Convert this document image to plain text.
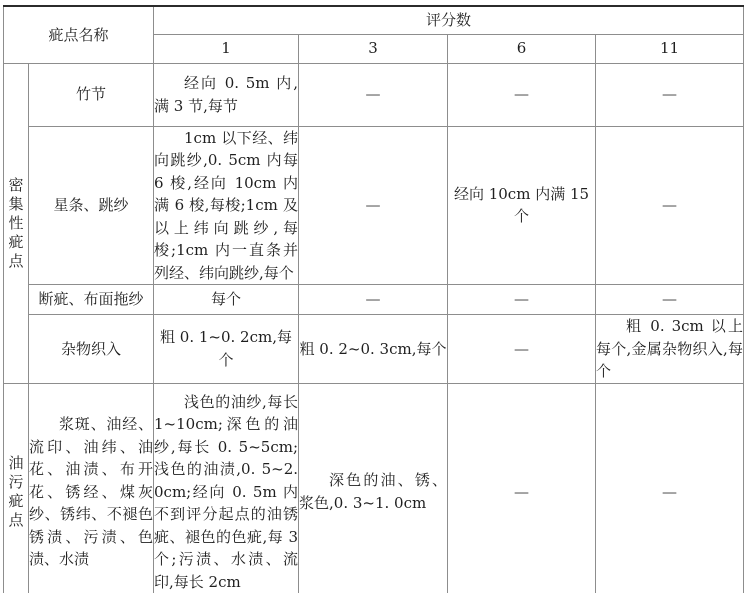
疵点名称		评分数			
		1	3	6	11

密集性疵点	竹节	经向 0. 5m 内,满 3 节,每节	—	—	—
	星条、跳纱	1cm 以下经、纬向跳纱,0. 5cm 内每 6 梭,经向 10cm 内满 6 梭,每梭;1cm 及以上纬向跳纱,每梭;1cm 内一直条并列经、纬向跳纱,每个	—	经向 10cm 内满 15 个	—
	断疵、布面拖纱	每个	—	—	—
	杂物织入	粗 0. 1~0. 2cm,每个	粗 0. 2~0. 3cm,每个	—	粗 0. 3cm 以上每个,金属杂物织入,每个

油污疵点	浆斑、油经、流印、油纬、油花、油渍、布开花、锈经、煤灰纱、锈纬、不褪色锈渍、污渍、色渍、水渍	浅色的油纱,每长 1~10cm;深色的油纱,每长 0. 5~5cm;浅色的油渍,0. 5~2. 0cm;经向 0. 5m 内不到评分起点的油锈疵、褪色的色疵,每 3 个;污渍、水渍、流印,每长 2cm	深色的油、锈、浆色,0. 3~1. 0cm	—	—
